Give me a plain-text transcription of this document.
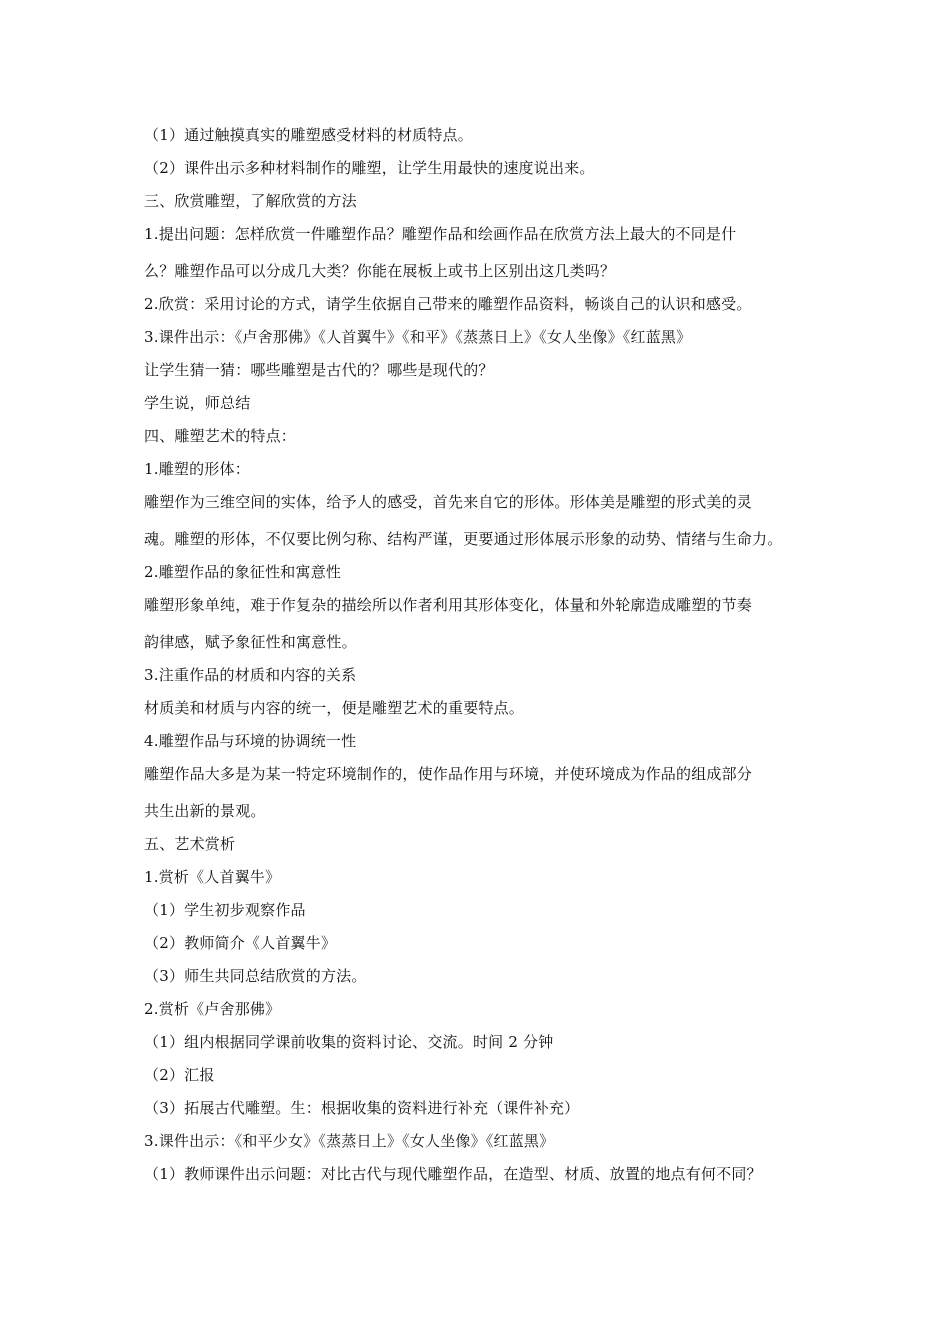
（1）通过触摸真实的雕塑感受材料的材质特点。
（2）课件出示多种材料制作的雕塑，让学生用最快的速度说出来。
三、欣赏雕塑，了解欣赏的方法
1.提出问题：怎样欣赏一件雕塑作品？雕塑作品和绘画作品在欣赏方法上最大的不同是什
么？雕塑作品可以分成几大类？你能在展板上或书上区别出这几类吗？
2.欣赏：采用讨论的方式，请学生依据自己带来的雕塑作品资料，畅谈自己的认识和感受。
3.课件出示：《卢舍那佛》《人首翼牛》《和平》《蒸蒸日上》《女人坐像》《红蓝黑》
让学生猜一猜：哪些雕塑是古代的？哪些是现代的？
学生说，师总结
四、雕塑艺术的特点：
1.雕塑的形体：
雕塑作为三维空间的实体，给予人的感受，首先来自它的形体。形体美是雕塑的形式美的灵
魂。雕塑的形体，不仅要比例匀称、结构严谨，更要通过形体展示形象的动势、情绪与生命力。
2.雕塑作品的象征性和寓意性
雕塑形象单纯，难于作复杂的描绘所以作者利用其形体变化，体量和外轮廓造成雕塑的节奏
韵律感，赋予象征性和寓意性。
3.注重作品的材质和内容的关系
材质美和材质与内容的统一，便是雕塑艺术的重要特点。
4.雕塑作品与环境的协调统一性
雕塑作品大多是为某一特定环境制作的，使作品作用与环境，并使环境成为作品的组成部分
共生出新的景观。
五、艺术赏析
1.赏析《人首翼牛》
（1）学生初步观察作品
（2）教师简介《人首翼牛》
（3）师生共同总结欣赏的方法。
2.赏析《卢舍那佛》
（1）组内根据同学课前收集的资料讨论、交流。时间 2 分钟
（2）汇报
（3）拓展古代雕塑。生：根据收集的资料进行补充（课件补充）
3.课件出示：《和平少女》《蒸蒸日上》《女人坐像》《红蓝黑》
（1）教师课件出示问题：对比古代与现代雕塑作品，在造型、材质、放置的地点有何不同？
